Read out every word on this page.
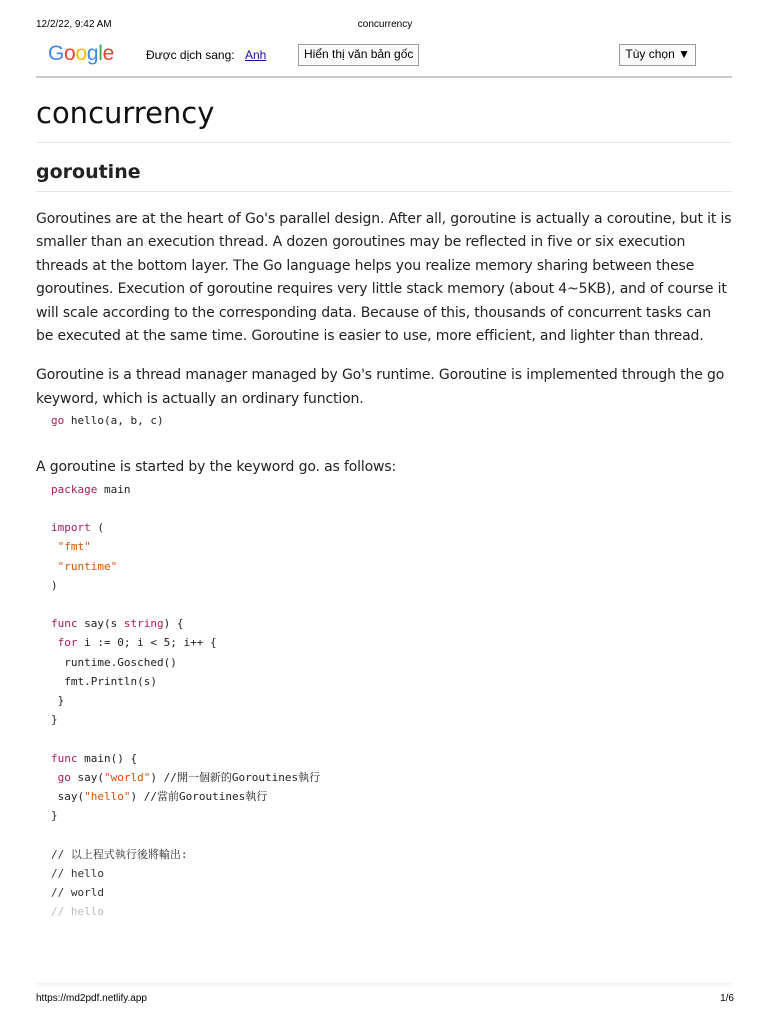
12/2/22, 9:42 AM	concurrency
Google	Được dịch sang: Anh	Hiển thị văn bản gốc	Tùy chọn ▼
concurrency
goroutine

Goroutines are at the heart of Go's parallel design. After all, goroutine is actually a coroutine, but it is smaller than an execution thread. A dozen goroutines may be reflected in five or six execution threads at the bottom layer. The Go language helps you realize memory sharing between these goroutines. Execution of goroutine requires very little stack memory (about 4~5KB), and of course it will scale according to the corresponding data. Because of this, thousands of concurrent tasks can be executed at the same time. Goroutine is easier to use, more efficient, and lighter than thread.

Goroutine is a thread manager managed by Go's runtime. Goroutine is implemented through the go keyword, which is actually an ordinary function.

go hello(a, b, c)

A goroutine is started by the keyword go. as follows:

package main

import (
"fmt"
"runtime"
)

func say(s string) {
for i := 0; i < 5; i++ {
runtime.Gosched()
fmt.Println(s)
}
}

func main() {
go say("world") //開一個新的Goroutines執行
say("hello") //當前Goroutines執行
}

// 以上程式執行後將輸出:
// hello
// world
// hello
https://md2pdf.netlify.app	1/6
